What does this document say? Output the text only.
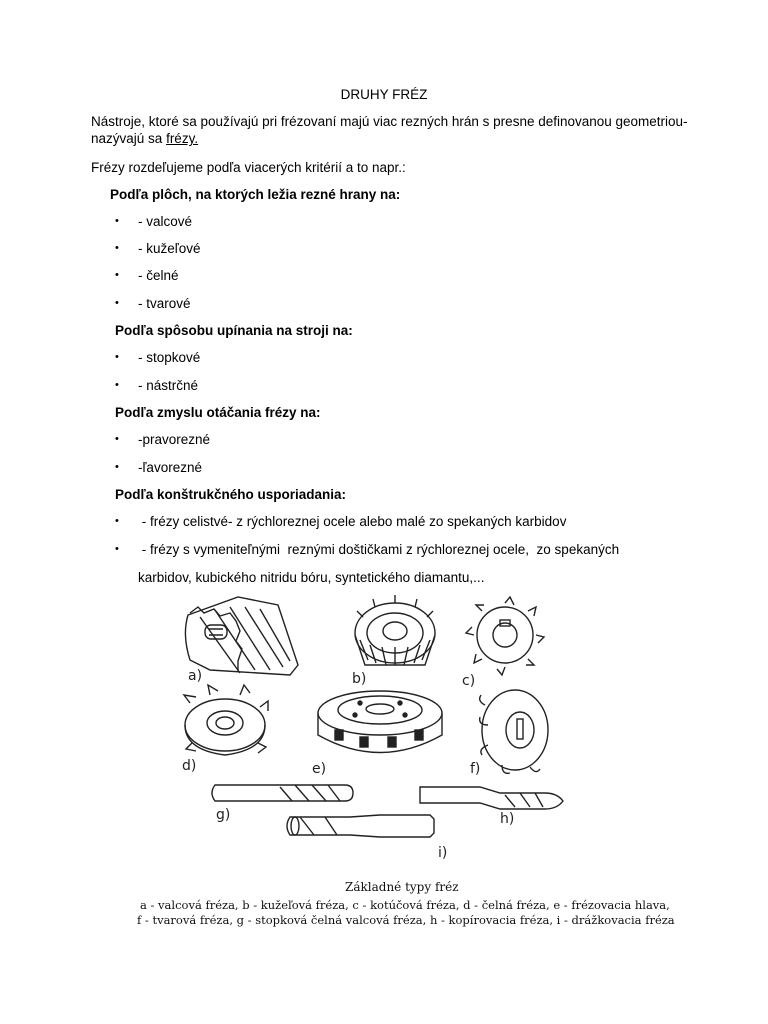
DRUHY FRÉZ
Nástroje, ktoré sa používajú pri frézovaní majú viac rezných hrán s presne definovanou geometriou-
nazývajú sa frézy.
Frézy rozdeľujeme podľa viacerých kritérií a to napr.:
Podľa plôch, na ktorých ležia rezné hrany na:
• - valcové
• - kužeľové
• - čelné
• - tvarové
Podľa spôsobu upínania na stroji na:
• - stopkové
• - nástrčné
Podľa zmyslu otáčania frézy na:
• -pravorezné
• -ľavorezné
Podľa konštrukčného usporiadania:
• - frézy celistvé- z rýchloreznej ocele alebo malé zo spekaných karbidov
• - frézy s vymeniteľnými  reznými doštičkami z rýchloreznej ocele,  zo spekaných
karbidov, kubického nitridu bóru, syntetického diamantu,...
a)	b)	c)
d)	e)	f)
g)	h)
i)
Základné typy fréz
a - valcová fréza, b - kužeľová fréza, c - kotúčová fréza, d - čelná fréza, e - frézovacia hlava,
f - tvarová fréza, g - stopková čelná valcová fréza, h - kopírovacia fréza, i - drážkovacia fréza
